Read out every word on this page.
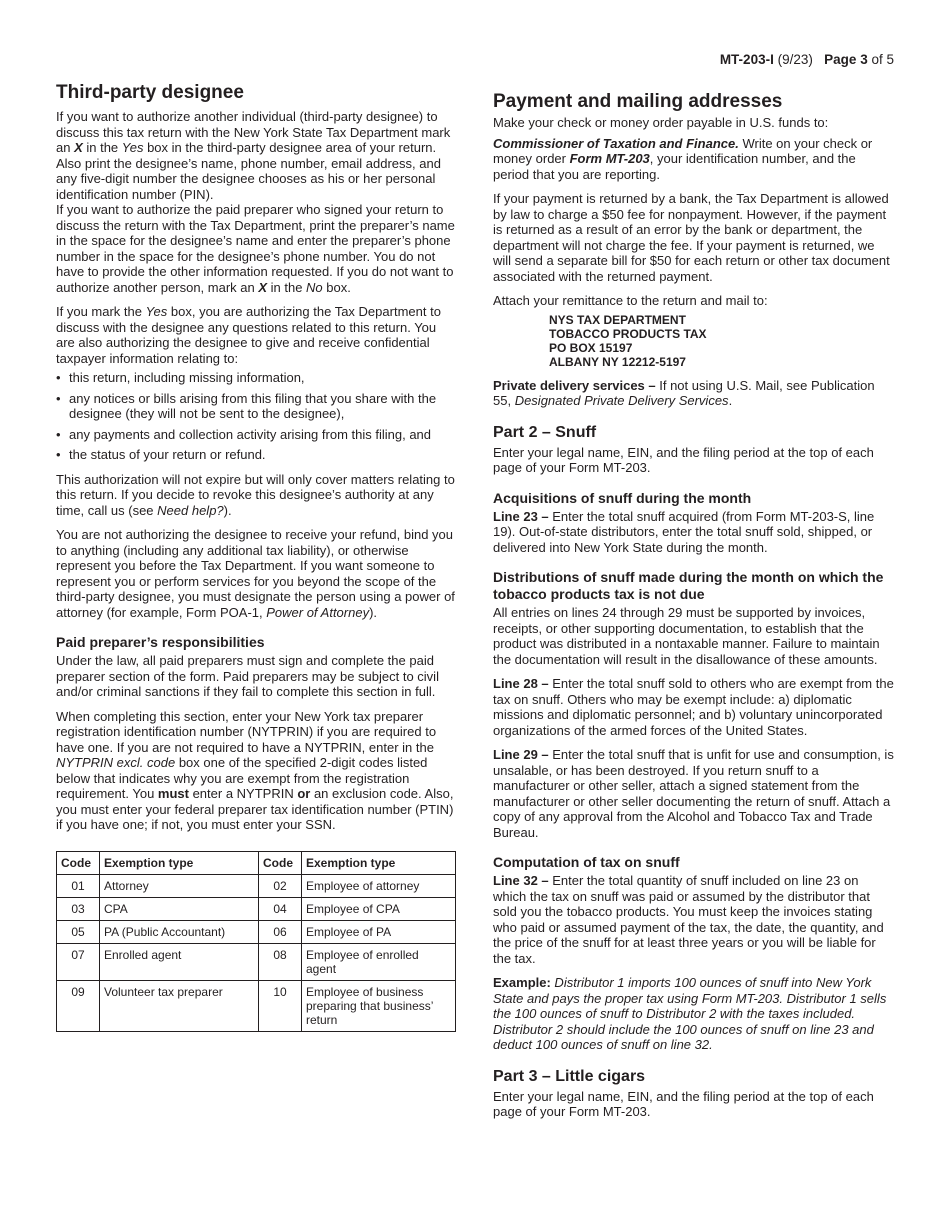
MT-203-I (9/23) Page 3 of 5
Third-party designee

If you want to authorize another individual (third-party designee) to discuss this tax return with the New York State Tax Department mark an X in the Yes box in the third-party designee area of your return. Also print the designee’s name, phone number, email address, and any five-digit number the designee chooses as his or her personal identification number (PIN).

If you want to authorize the paid preparer who signed your return to discuss the return with the Tax Department, print the preparer’s name in the space for the designee’s name and enter the preparer’s phone number in the space for the designee’s phone number. You do not have to provide the other information requested. If you do not want to authorize another person, mark an X in the No box.

If you mark the Yes box, you are authorizing the Tax Department to discuss with the designee any questions related to this return. You are also authorizing the designee to give and receive confidential taxpayer information relating to:

• this return, including missing information,
• any notices or bills arising from this filing that you share with the designee (they will not be sent to the designee),
• any payments and collection activity arising from this filing, and
• the status of your return or refund.

This authorization will not expire but will only cover matters relating to this return. If you decide to revoke this designee’s authority at any time, call us (see Need help?).

You are not authorizing the designee to receive your refund, bind you to anything (including any additional tax liability), or otherwise represent you before the Tax Department. If you want someone to represent you or perform services for you beyond the scope of the third-party designee, you must designate the person using a power of attorney (for example, Form POA-1, Power of Attorney).

Paid preparer’s responsibilities

Under the law, all paid preparers must sign and complete the paid preparer section of the form. Paid preparers may be subject to civil and/or criminal sanctions if they fail to complete this section in full.

When completing this section, enter your New York tax preparer registration identification number (NYTPRIN) if you are required to have one. If you are not required to have a NYTPRIN, enter in the NYTPRIN excl. code box one of the specified 2-digit codes listed below that indicates why you are exempt from the registration requirement. You must enter a NYTPRIN or an exclusion code. Also, you must enter your federal preparer tax identification number (PTIN) if you have one; if not, you must enter your SSN.

Code	Exemption type	Code	Exemption type
01	Attorney	02	Employee of attorney
03	CPA	04	Employee of CPA
05	PA (Public Accountant)	06	Employee of PA
07	Enrolled agent	08	Employee of enrolled agent
09	Volunteer tax preparer	10	Employee of business preparing that business’ return
Payment and mailing addresses

Make your check or money order payable in U.S. funds to:

Commissioner of Taxation and Finance. Write on your check or money order Form MT-203, your identification number, and the period that you are reporting.

If your payment is returned by a bank, the Tax Department is allowed by law to charge a $50 fee for nonpayment. However, if the payment is returned as a result of an error by the bank or department, the department will not charge the fee. If your payment is returned, we will send a separate bill for $50 for each return or other tax document associated with the returned payment.

Attach your remittance to the return and mail to:

NYS TAX DEPARTMENT
TOBACCO PRODUCTS TAX
PO BOX 15197
ALBANY NY 12212-5197

Private delivery services – If not using U.S. Mail, see Publication 55, Designated Private Delivery Services.

Part 2 – Snuff

Enter your legal name, EIN, and the filing period at the top of each page of your Form MT-203.

Acquisitions of snuff during the month

Line 23 – Enter the total snuff acquired (from Form MT-203-S, line 19). Out-of-state distributors, enter the total snuff sold, shipped, or delivered into New York State during the month.

Distributions of snuff made during the month on which the tobacco products tax is not due

All entries on lines 24 through 29 must be supported by invoices, receipts, or other supporting documentation, to establish that the product was distributed in a nontaxable manner. Failure to maintain the documentation will result in the disallowance of these amounts.

Line 28 – Enter the total snuff sold to others who are exempt from the tax on snuff. Others who may be exempt include: a) diplomatic missions and diplomatic personnel; and b) voluntary unincorporated organizations of the armed forces of the United States.

Line 29 – Enter the total snuff that is unfit for use and consumption, is unsalable, or has been destroyed. If you return snuff to a manufacturer or other seller, attach a signed statement from the manufacturer or other seller documenting the return of snuff. Attach a copy of any approval from the Alcohol and Tobacco Tax and Trade Bureau.

Computation of tax on snuff

Line 32 – Enter the total quantity of snuff included on line 23 on which the tax on snuff was paid or assumed by the distributor that sold you the tobacco products. You must keep the invoices stating who paid or assumed payment of the tax, the date, the quantity, and the price of the snuff for at least three years or you will be liable for the tax.

Example: Distributor 1 imports 100 ounces of snuff into New York State and pays the proper tax using Form MT-203. Distributor 1 sells the 100 ounces of snuff to Distributor 2 with the taxes included. Distributor 2 should include the 100 ounces of snuff on line 23 and deduct 100 ounces of snuff on line 32.

Part 3 – Little cigars

Enter your legal name, EIN, and the filing period at the top of each page of your Form MT-203.
